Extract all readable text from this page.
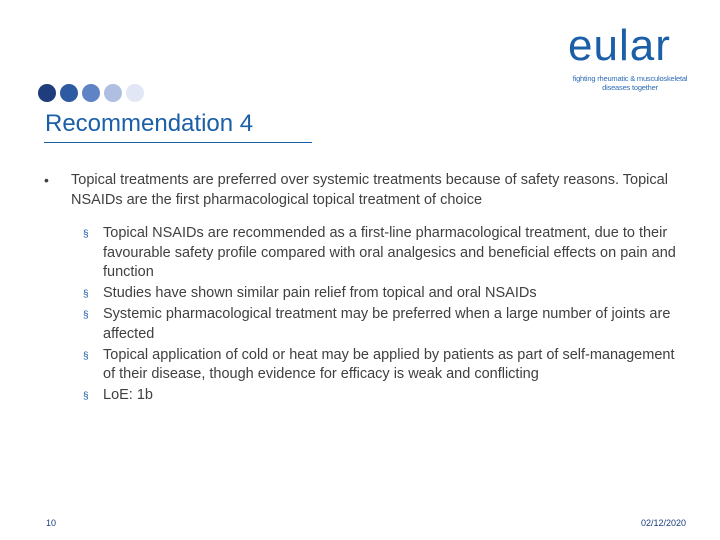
eular
fighting rheumatic & musculoskeletal
diseases together
Recommendation 4
• Topical treatments are preferred over systemic treatments because of safety reasons. Topical NSAIDs are the first pharmacological topical treatment of choice
§ Topical NSAIDs are recommended as a first-line pharmacological treatment, due to their favourable safety profile compared with oral analgesics and beneficial effects on pain and function
§ Studies have shown similar pain relief from topical and oral NSAIDs
§ Systemic pharmacological treatment may be preferred when a large number of joints are affected
§ Topical application of cold or heat may be applied by patients as part of self-management of their disease, though evidence for efficacy is weak and conflicting
§ LoE: 1b
10	02/12/2020
